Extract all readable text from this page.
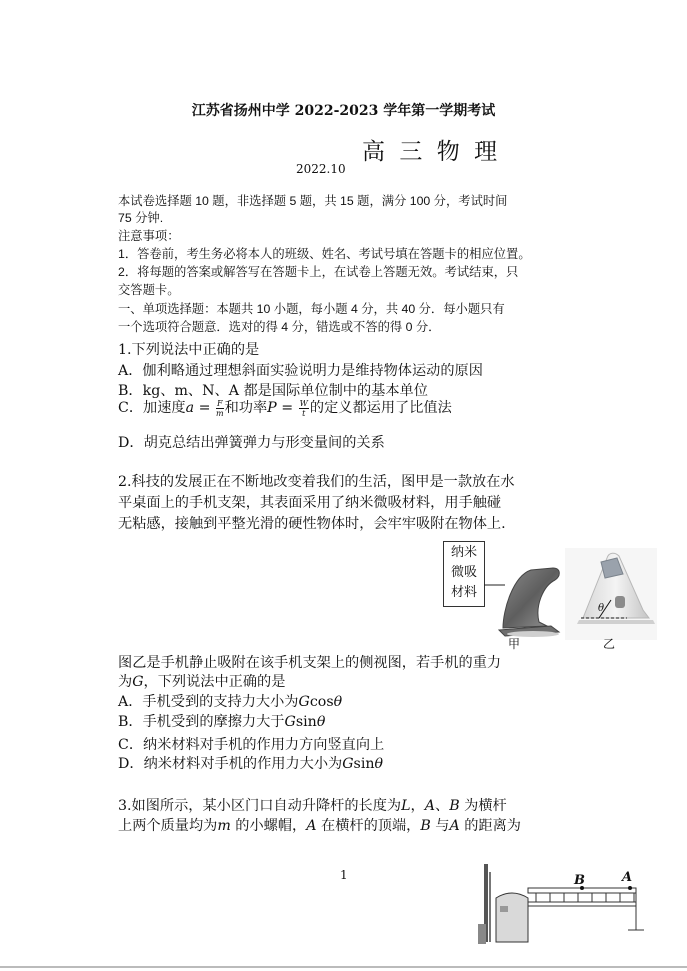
江苏省扬州中学 2022-2023 学年第一学期考试
高 三 物 理
2022.10
本试卷选择题 10 题，非选择题 5 题，共 15 题，满分 100 分，考试时间
75 分钟.
注意事项：
1．答卷前，考生务必将本人的班级、姓名、考试号填在答题卡的相应位置。
2．将每题的答案或解答写在答题卡上，在试卷上答题无效。考试结束，只
交答题卡。
一、单项选择题：本题共 10 小题，每小题 4 分，共 40 分．每小题只有
一个选项符合题意．选对的得 4 分，错选或不答的得 0 分．
1.下列说法中正确的是
A．伽利略通过理想斜面实验说明力是维持物体运动的原因
B．kg、m、N、A 都是国际单位制中的基本单位
C．加速度$a = \frac{F}{m}$ 和功率$P = \frac{W}{t}$ 的定义都运用了比值法
D．胡克总结出弹簧弹力与形变量间的关系
2.科技的发展正在不断地改变着我们的生活，图甲是一款放在水
平桌面上的手机支架，其表面采用了纳米微吸材料，用手触碰
无粘感，接触到平整光滑的硬性物体时，会牢牢吸附在物体上.
纳米
微吸
材料
θ
甲	乙
图乙是手机静止吸附在该手机支架上的侧视图，若手机的重力
为G，下列说法中正确的是
A．手机受到的支持力大小为Gcosθ
B．手机受到的摩擦力大于Gsinθ
C．纳米材料对手机的作用力方向竖直向上
D．纳米材料对手机的作用力大小为Gsinθ
3.如图所示，某小区门口自动升降杆的长度为L，A、B 为横杆
上两个质量均为m 的小螺帽，A 在横杆的顶端，B 与A 的距离为
B	A
1
